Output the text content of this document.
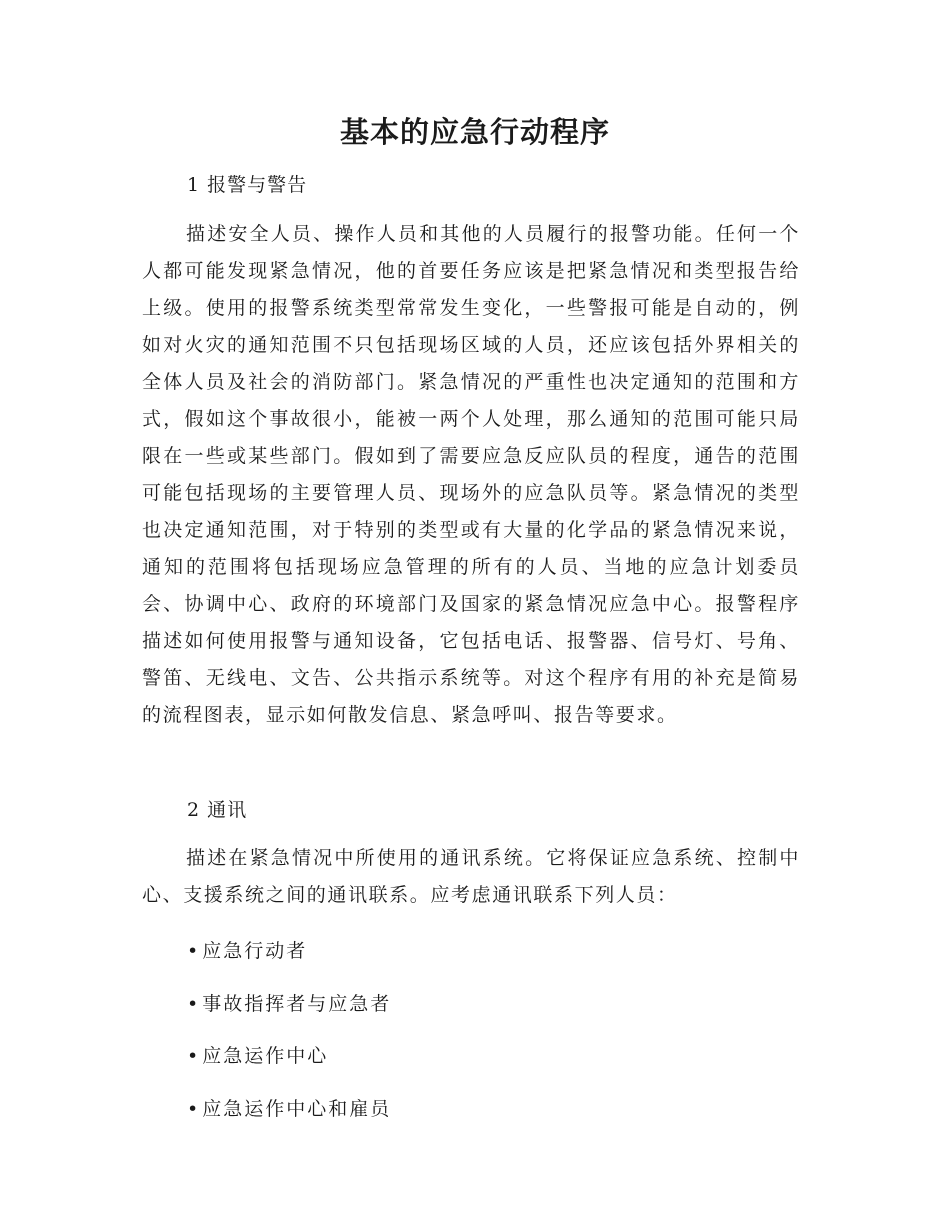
基本的应急行动程序

1 报警与警告

描述安全人员、操作人员和其他的人员履行的报警功能。任何一个人都可能发现紧急情况，他的首要任务应该是把紧急情况和类型报告给上级。使用的报警系统类型常常发生变化，一些警报可能是自动的，例如对火灾的通知范围不只包括现场区域的人员，还应该包括外界相关的全体人员及社会的消防部门。紧急情况的严重性也决定通知的范围和方式，假如这个事故很小，能被一两个人处理，那么通知的范围可能只局限在一些或某些部门。假如到了需要应急反应队员的程度，通告的范围可能包括现场的主要管理人员、现场外的应急队员等。紧急情况的类型也决定通知范围，对于特别的类型或有大量的化学品的紧急情况来说，通知的范围将包括现场应急管理的所有的人员、当地的应急计划委员会、协调中心、政府的环境部门及国家的紧急情况应急中心。报警程序描述如何使用报警与通知设备，它包括电话、报警器、信号灯、号角、警笛、无线电、文告、公共指示系统等。对这个程序有用的补充是简易的流程图表，显示如何散发信息、紧急呼叫、报告等要求。

2 通讯

描述在紧急情况中所使用的通讯系统。它将保证应急系统、控制中心、支援系统之间的通讯联系。应考虑通讯联系下列人员：

• 应急行动者

• 事故指挥者与应急者

• 应急运作中心

• 应急运作中心和雇员
